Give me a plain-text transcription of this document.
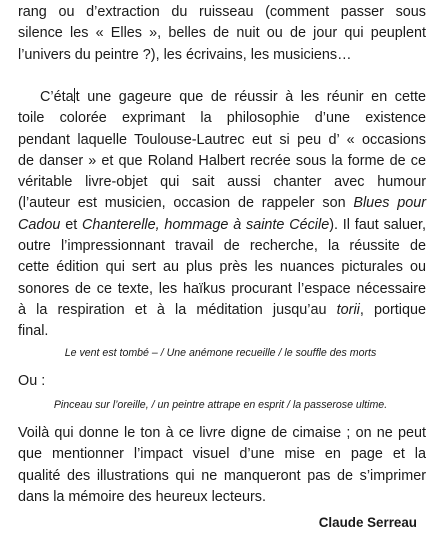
rang ou d’extraction du ruisseau (comment passer sous
silence les « Elles », belles de nuit ou de jour qui peuplent
l’univers du peintre ?), les écrivains, les musiciens…
C’éta t une gageure que de réussir à les réunir en cette
toile colorée exprimant la philosophie d’une existence
pendant laquelle Toulouse-Lautrec eut si peu d’ « occasions
de danser » et que Roland Halbert recrée sous la forme de ce
véritable livre-objet qui sait aussi chanter avec humour
(l’auteur est musicien, occasion de rappeler son Blues pour
Cadou et Chanterelle, hommage à sainte Cécile). Il faut saluer,
outre l’impressionnant travail de recherche, la réussite de
cette édition qui sert au plus près les nuances picturales ou
sonores de ce texte, les haïkus procurant l’espace nécessaire
à la respiration et à la méditation jusqu’au torii, portique
final.

Le vent est tombé – / Une anémone recueille / le souffle des morts

Ou :

Pinceau sur l’oreille, / un peintre attrape en esprit / la passerose ultime.

Voilà qui donne le ton à ce livre digne de cimaise ; on ne peut
que mentionner l’impact visuel d’une mise en page et la
qualité des illustrations qui ne manqueront pas de s’imprimer
dans la mémoire des heureux lecteurs.

Claude Serreau
